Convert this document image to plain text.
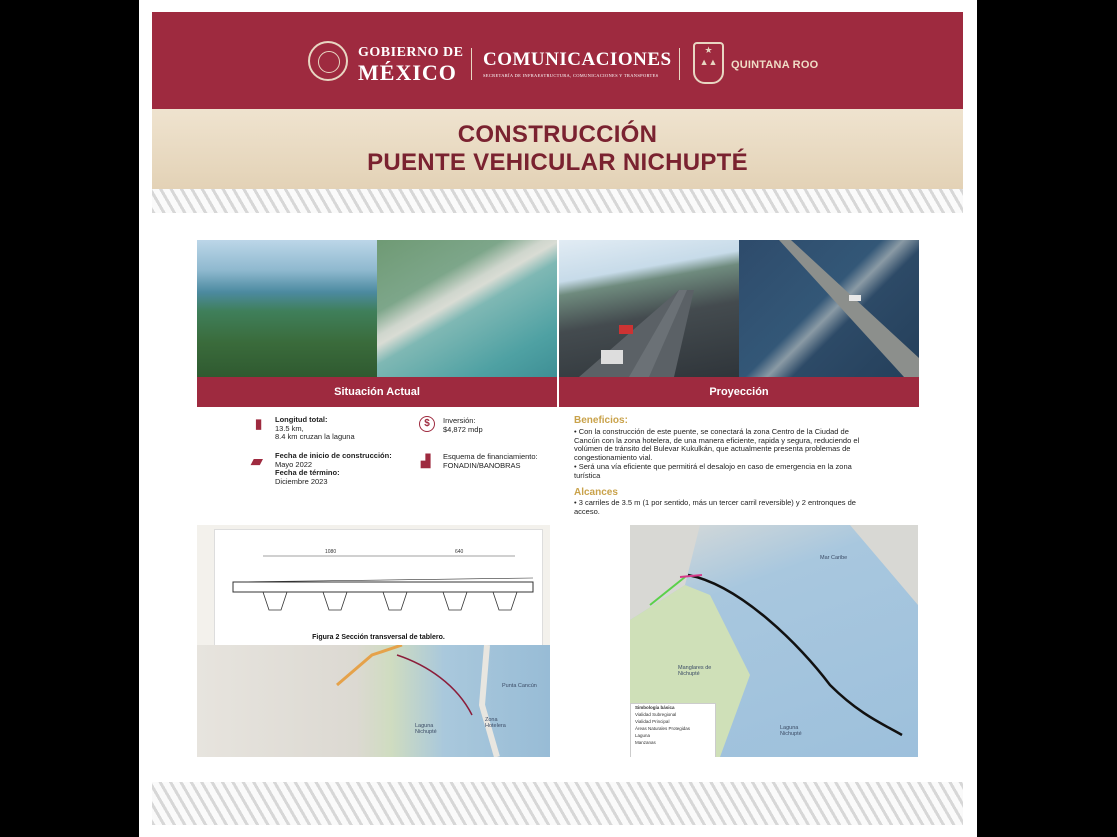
GOBIERNO DE
MÉXICO
COMUNICACIONES
SECRETARÍA DE INFRAESTRUCTURA, COMUNICACIONES Y TRANSPORTES
★
▲▲	QUINTANA ROO
CONSTRUCCIÓN
PUENTE VEHICULAR NICHUPTÉ
Situación Actual	Proyección
▮ Longitud total:
13.5 km,
8.4 km cruzan la laguna
$	Inversión:
$4,872 mdp
▰ Fecha de inicio de construcción:
Mayo 2022
Fecha de término:
Diciembre 2023
▟ Esquema de financiamiento:
FONADIN/BANOBRAS
Beneficios:
• Con la construcción de este puente, se conectará la zona Centro de la Ciudad de Cancún con la zona hotelera, de una manera eficiente, rapida y segura, reduciendo el volúmen de tránsito del Bulevar Kukulkán, que actualmente presenta problemas de congestionamiento vial.
• Será una vía eficiente que permitirá el desalojo en caso de emergencia en la zona turística
Alcances
• 3 carriles de 3.5 m (1 por sentido, más un tercer carril reversible) y 2 entronques de acceso.
1080	640
Figura 2 Sección transversal de tablero.
Punta Cancún
Laguna Nichupté
Zona Hotelera
Mar Caribe
Manglares de Nichupté
Laguna Nichupté
Simbología básica
Vialidad Subregional
Vialidad Principal
Áreas Naturales Protegidas
Laguna
Manzanas
